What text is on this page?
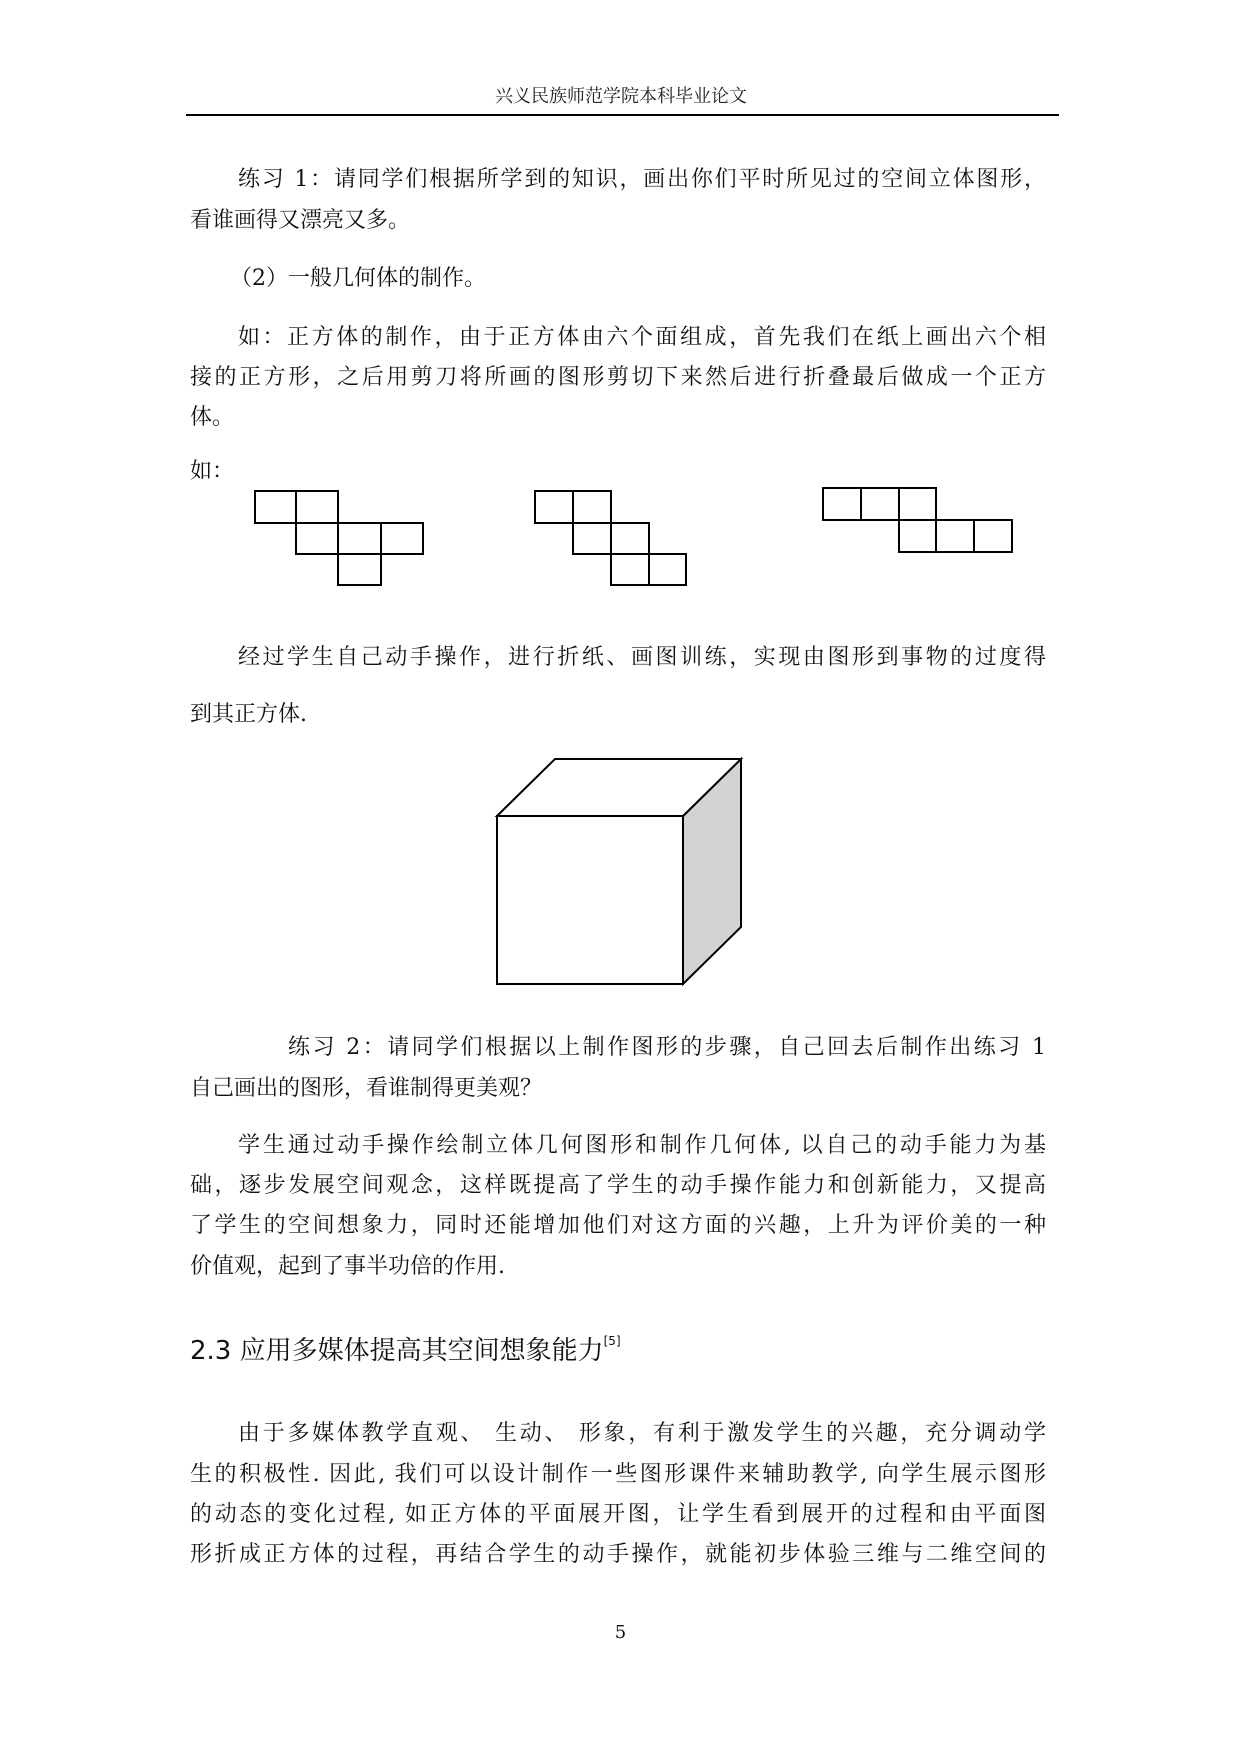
兴义民族师范学院本科毕业论文
练习 1：请同学们根据所学到的知识，画出你们平时所见过的空间立体图形，
看谁画得又漂亮又多。
（2）一般几何体的制作。
如：正方体的制作，由于正方体由六个面组成，首先我们在纸上画出六个相
接的正方形，之后用剪刀将所画的图形剪切下来然后进行折叠最后做成一个正方
体。
如：
经过学生自己动手操作，进行折纸、画图训练，实现由图形到事物的过度得
到其正方体.
练习 2：请同学们根据以上制作图形的步骤，自己回去后制作出练习 1
自己画出的图形，看谁制得更美观？
学生通过动手操作绘制立体几何图形和制作几何体, 以自己的动手能力为基
础，逐步发展空间观念，这样既提高了学生的动手操作能力和创新能力，又提高
了学生的空间想象力，同时还能增加他们对这方面的兴趣，上升为评价美的一种
价值观，起到了事半功倍的作用.
2.3 应用多媒体提高其空间想象能力[5]
由于多媒体教学直观、 生动、 形象，有利于激发学生的兴趣，充分调动学
生的积极性. 因此, 我们可以设计制作一些图形课件来辅助教学, 向学生展示图形
的动态的变化过程, 如正方体的平面展开图，让学生看到展开的过程和由平面图
形折成正方体的过程，再结合学生的动手操作，就能初步体验三维与二维空间的
5
